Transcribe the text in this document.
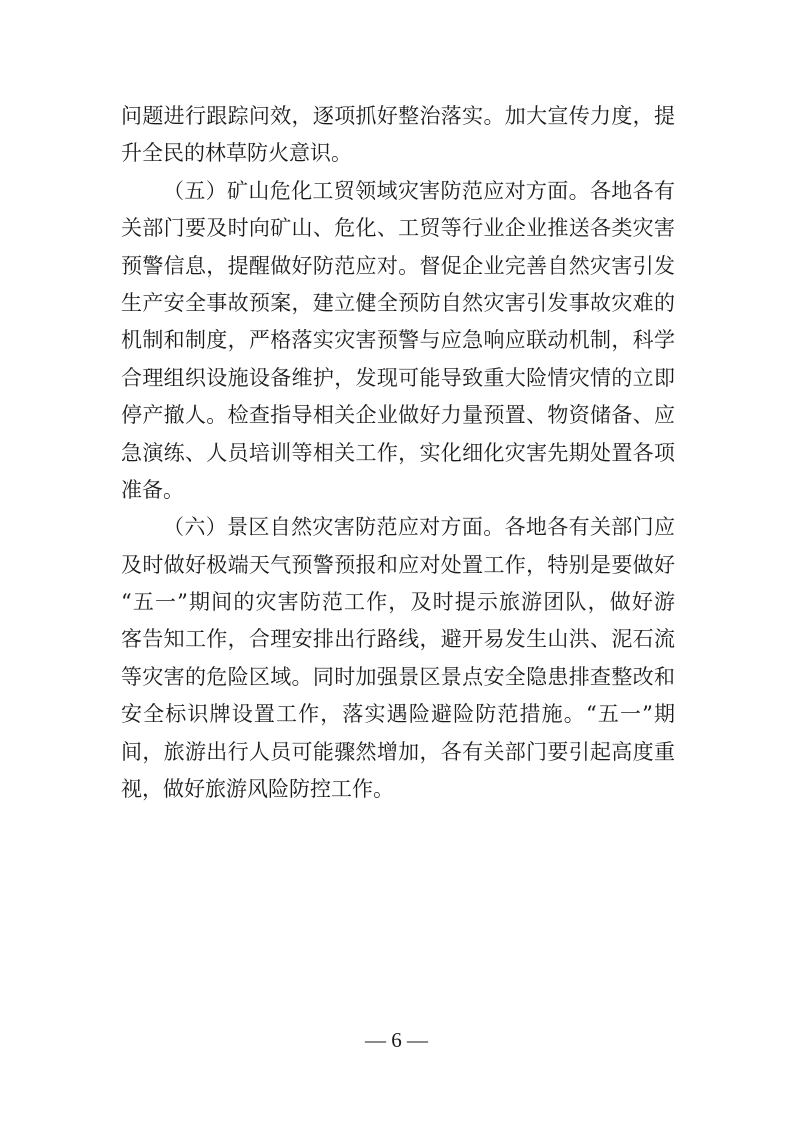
问题进行跟踪问效，逐项抓好整治落实。加大宣传力度，提
升全民的林草防火意识。
（五）矿山危化工贸领域灾害防范应对方面。各地各有
关部门要及时向矿山、危化、工贸等行业企业推送各类灾害
预警信息，提醒做好防范应对。督促企业完善自然灾害引发
生产安全事故预案，建立健全预防自然灾害引发事故灾难的
机制和制度，严格落实灾害预警与应急响应联动机制，科学
合理组织设施设备维护，发现可能导致重大险情灾情的立即
停产撤人。检查指导相关企业做好力量预置、物资储备、应
急演练、人员培训等相关工作，实化细化灾害先期处置各项
准备。
（六）景区自然灾害防范应对方面。各地各有关部门应
及时做好极端天气预警预报和应对处置工作，特别是要做好
“五一”期间的灾害防范工作，及时提示旅游团队，做好游
客告知工作，合理安排出行路线，避开易发生山洪、泥石流
等灾害的危险区域。同时加强景区景点安全隐患排查整改和
安全标识牌设置工作，落实遇险避险防范措施。“五一”期
间，旅游出行人员可能骤然增加，各有关部门要引起高度重
视，做好旅游风险防控工作。
— 6 —
